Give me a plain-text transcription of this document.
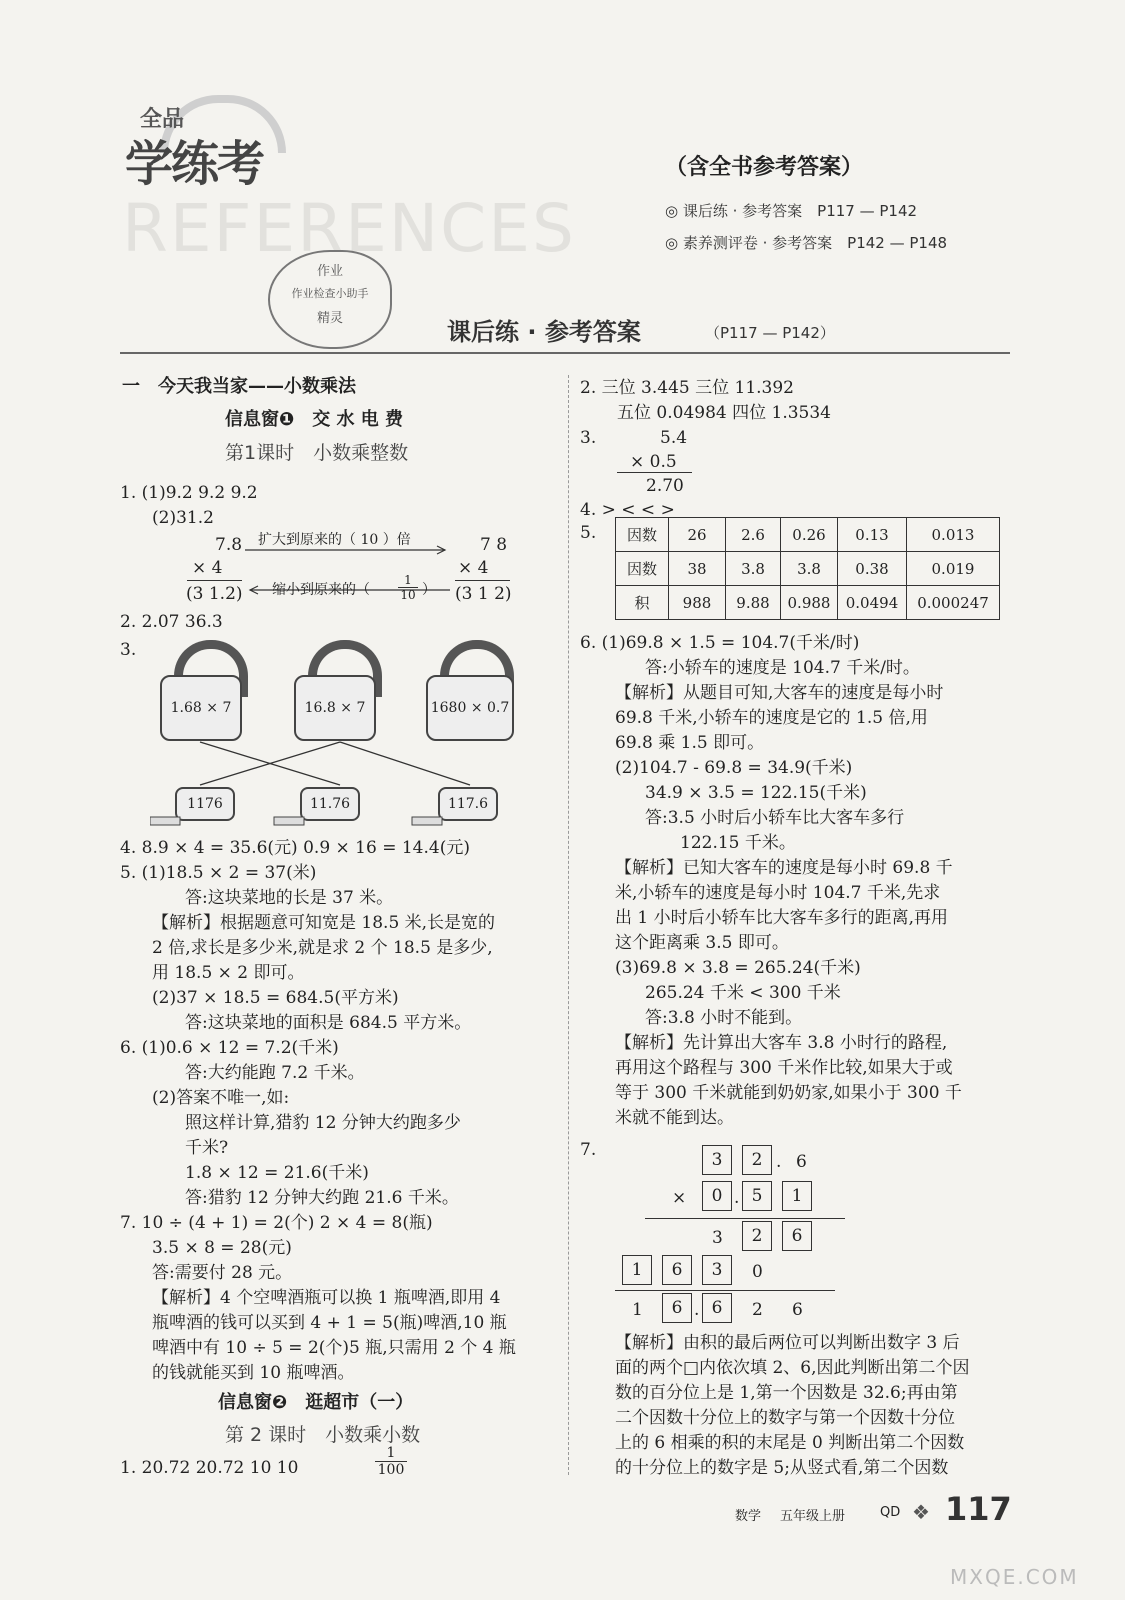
全品
学练考
REFERENCES
作业
作业检查小助手
精灵
（含全书参考答案）
◎ 课后练 · 参考答案　P117 — P142
◎ 素养测评卷 · 参考答案　P142 — P148
课后练 · 参考答案	（P117 — P142）
一　今天我当家——小数乘法
信息窗❶　交 水 电 费
第1课时　小数乘整数
1. (1)9.2 9.2 9.2
(2)31.2
7.8
× 4
(3 1.2)
7 8
× 4
(3 1 2)
扩大到原来的（ 10 ）倍
缩小到原来的（ $\frac{1}{10}$ ）
2. 2.07 36.3
3.
1.68 × 7	16.8 × 7	1680 × 0.7
1176	11.76	117.6
4. 8.9 × 4 = 35.6(元) 0.9 × 16 = 14.4(元)
5. (1)18.5 × 2 = 37(米)
答:这块菜地的长是 37 米。
【解析】根据题意可知宽是 18.5 米,长是宽的
2 倍,求长是多少米,就是求 2 个 18.5 是多少,
用 18.5 × 2 即可。
(2)37 × 18.5 = 684.5(平方米)
答:这块菜地的面积是 684.5 平方米。
6. (1)0.6 × 12 = 7.2(千米)
答:大约能跑 7.2 千米。
(2)答案不唯一,如:
照这样计算,猎豹 12 分钟大约跑多少
千米?
1.8 × 12 = 21.6(千米)
答:猎豹 12 分钟大约跑 21.6 千米。
7. 10 ÷ (4 + 1) = 2(个) 2 × 4 = 8(瓶)
3.5 × 8 = 28(元)
答:需要付 28 元。
【解析】4 个空啤酒瓶可以换 1 瓶啤酒,即用 4
瓶啤酒的钱可以买到 4 + 1 = 5(瓶)啤酒,10 瓶
啤酒中有 10 ÷ 5 = 2(个)5 瓶,只需用 2 个 4 瓶
的钱就能买到 10 瓶啤酒。
信息窗❷　逛超市（一）
第 2 课时　小数乘小数
1. 20.72 20.72 10 10	$\frac{1}{100}$
2. 三位 3.445 三位 11.392
五位 0.04984 四位 1.3534
3.	5.4
× 0.5
2.70
4. > < < >
5. 因数	26	2.6	0.26	0.13	0.013
因数	38	3.8	3.8	0.38	0.019
积	988	9.88	0.988	0.0494	0.000247
6. (1)69.8 × 1.5 = 104.7(千米/时)
答:小轿车的速度是 104.7 千米/时。
【解析】从题目可知,大客车的速度是每小时
69.8 千米,小轿车的速度是它的 1.5 倍,用
69.8 乘 1.5 即可。
(2)104.7 - 69.8 = 34.9(千米)
34.9 × 3.5 = 122.15(千米)
答:3.5 小时后小轿车比大客车多行
122.15 千米。
【解析】已知大客车的速度是每小时 69.8 千
米,小轿车的速度是每小时 104.7 千米,先求
出 1 小时后小轿车比大客车多行的距离,再用
这个距离乘 3.5 即可。
(3)69.8 × 3.8 = 265.24(千米)
265.24 千米 < 300 千米
答:3.8 小时不能到。
【解析】先计算出大客车 3.8 小时行的路程,
再用这个路程与 300 千米作比较,如果大于或
等于 300 千米就能到奶奶家,如果小于 300 千
米就不能到达。
7.	3	2 . 6
×	0 . 5	1
3	2	6
1	6	3	0
1	6 . 6	2 6
【解析】由积的最后两位可以判断出数字 3 后
面的两个□内依次填 2、6,因此判断出第二个因
数的百分位上是 1,第一个因数是 32.6;再由第
二个因数十分位上的数字与第一个因数十分位
上的 6 相乘的积的末尾是 0 判断出第二个因数
的十分位上的数字是 5;从竖式看,第二个因数
数学 五年级上册	QD ❖ 117
MXQE.COM
